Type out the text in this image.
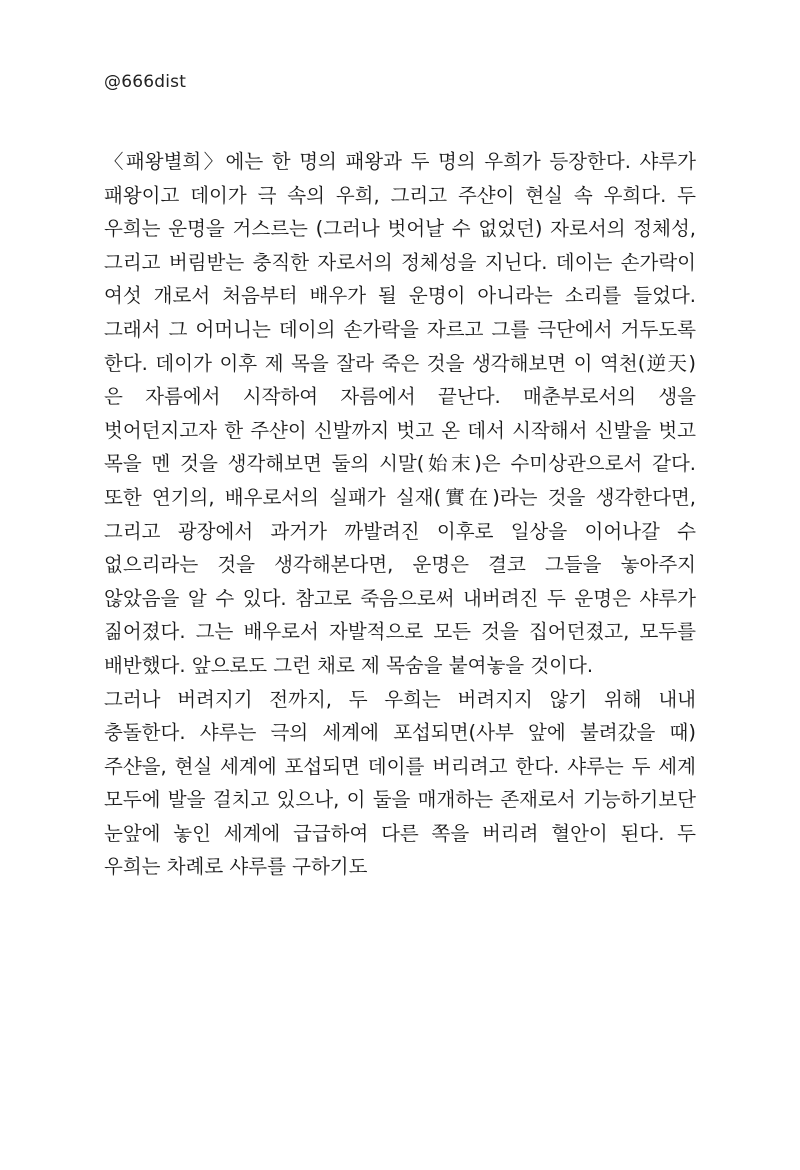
@666dist

〈패왕별희〉에는 한 명의 패왕과 두 명의 우희가 등장한다. 샤루가 패왕이고 데이가 극 속의 우희, 그리고 주샨이 현실 속 우희다. 두 우희는 운명을 거스르는 (그러나 벗어날 수 없었던) 자로서의 정체성, 그리고 버림받는 충직한 자로서의 정체성을 지닌다. 데이는 손가락이 여섯 개로서 처음부터 배우가 될 운명이 아니라는 소리를 들었다. 그래서 그 어머니는 데이의 손가락을 자르고 그를 극단에서 거두도록 한다. 데이가 이후 제 목을 잘라 죽은 것을 생각해보면 이 역천(逆天)은 자름에서 시작하여 자름에서 끝난다. 매춘부로서의 생을 벗어던지고자 한 주샨이 신발까지 벗고 온 데서 시작해서 신발을 벗고 목을 멘 것을 생각해보면 둘의 시말(始末)은 수미상관으로서 같다. 또한 연기의, 배우로서의 실패가 실재(實在)라는 것을 생각한다면, 그리고 광장에서 과거가 까발려진 이후로 일상을 이어나갈 수 없으리라는 것을 생각해본다면, 운명은 결코 그들을 놓아주지 않았음을 알 수 있다. 참고로 죽음으로써 내버려진 두 운명은 샤루가 짊어졌다. 그는 배우로서 자발적으로 모든 것을 집어던졌고, 모두를 배반했다. 앞으로도 그런 채로 제 목숨을 붙여놓을 것이다.

그러나 버려지기 전까지, 두 우희는 버려지지 않기 위해 내내 충돌한다. 샤루는 극의 세계에 포섭되면(사부 앞에 불려갔을 때) 주샨을, 현실 세계에 포섭되면 데이를 버리려고 한다. 샤루는 두 세계 모두에 발을 걸치고 있으나, 이 둘을 매개하는 존재로서 기능하기보단 눈앞에 놓인 세계에 급급하여 다른 쪽을 버리려 혈안이 된다. 두 우희는 차례로 샤루를 구하기도
